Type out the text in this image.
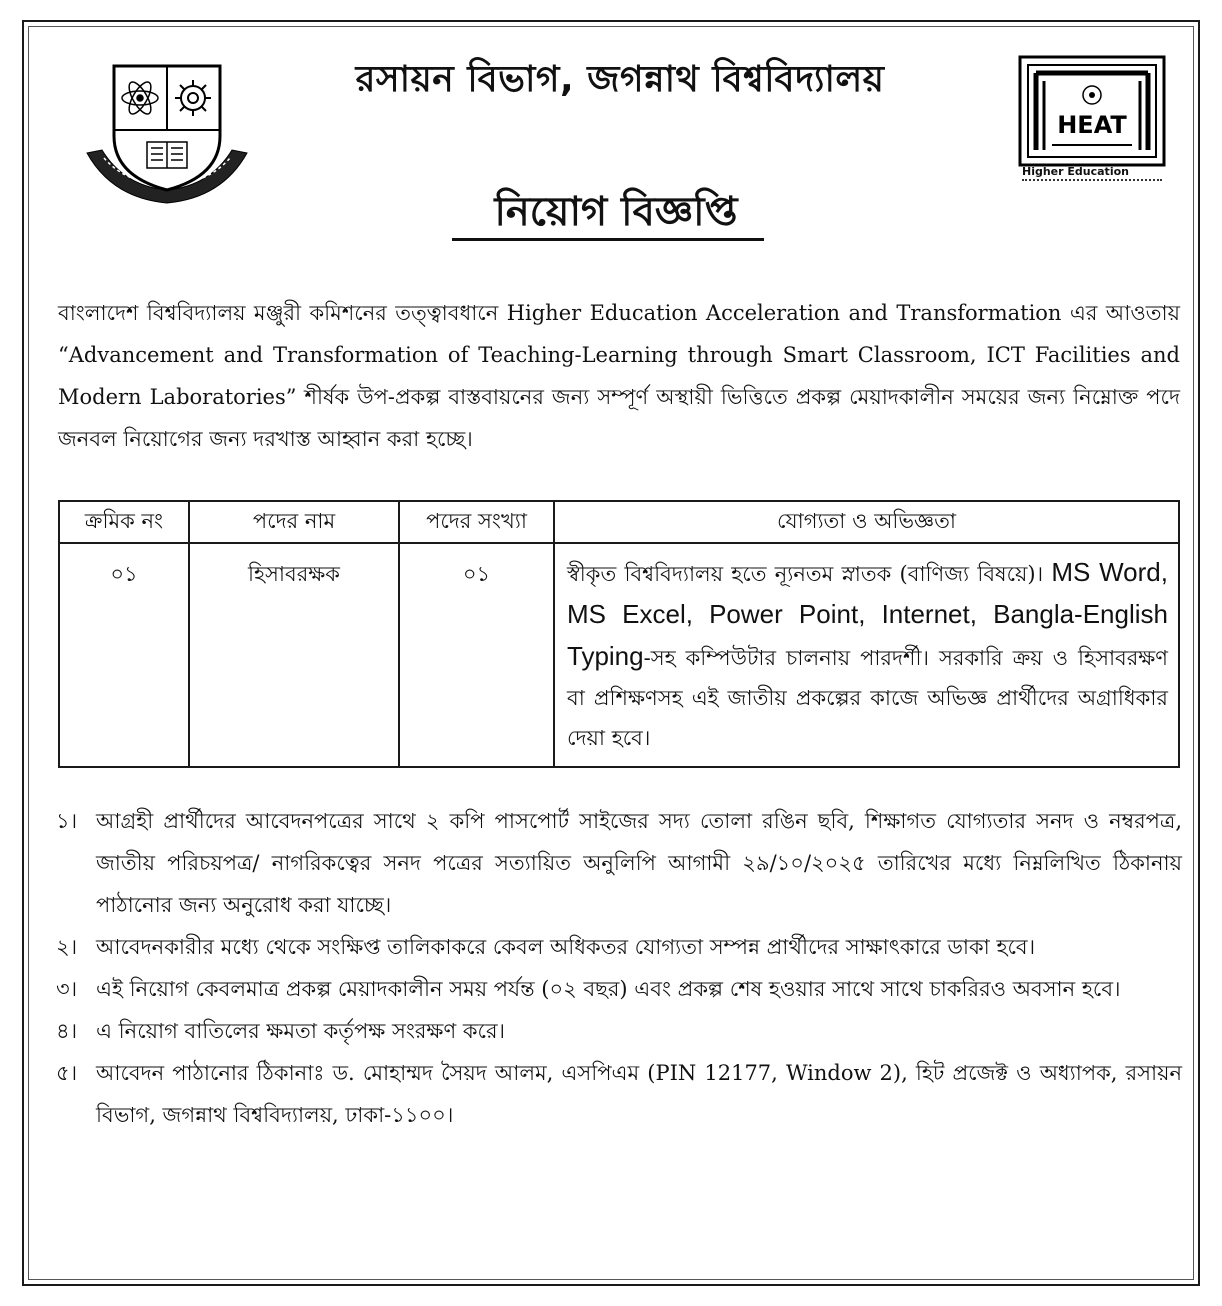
HEAT
Higher Education
রসায়ন বিভাগ, জগন্নাথ বিশ্ববিদ্যালয়
নিয়োগ বিজ্ঞপ্তি
বাংলাদেশ বিশ্ববিদ্যালয় মঞ্জুরী কমিশনের তত্ত্বাবধানে Higher Education Acceleration and Transformation এর আওতায় “Advancement and Transformation of Teaching-Learning through Smart Classroom, ICT Facilities and Modern Laboratories” শীর্ষক উপ-প্রকল্প বাস্তবায়নের জন্য সম্পূর্ণ অস্থায়ী ভিত্তিতে প্রকল্প মেয়াদকালীন সময়ের জন্য নিম্নোক্ত পদে জনবল নিয়োগের জন্য দরখাস্ত আহ্বান করা হচ্ছে।
ক্রমিক নং	পদের নাম	পদের সংখ্যা	যোগ্যতা ও অভিজ্ঞতা
০১	হিসাবরক্ষক	০১	স্বীকৃত বিশ্ববিদ্যালয় হতে ন্যূনতম স্নাতক (বাণিজ্য বিষয়ে)। MS Word, MS Excel, Power Point, Internet, Bangla-English Typing-সহ কম্পিউটার চালনায় পারদর্শী। সরকারি ক্রয় ও হিসাবরক্ষণ বা প্রশিক্ষণসহ এই জাতীয় প্রকল্পের কাজে অভিজ্ঞ প্রার্থীদের অগ্রাধিকার দেয়া হবে।
১। আগ্রহী প্রার্থীদের আবেদনপত্রের সাথে ২ কপি পাসপোর্ট সাইজের সদ্য তোলা রঙিন ছবি, শিক্ষাগত যোগ্যতার সনদ ও নম্বরপত্র, জাতীয় পরিচয়পত্র/ নাগরিকত্বের সনদ পত্রের সত্যায়িত অনুলিপি আগামী ২৯/১০/২০২৫ তারিখের মধ্যে নিম্নলিখিত ঠিকানায় পাঠানোর জন্য অনুরোধ করা যাচ্ছে।
২। আবেদনকারীর মধ্যে থেকে সংক্ষিপ্ত তালিকাকরে কেবল অধিকতর যোগ্যতা সম্পন্ন প্রার্থীদের সাক্ষাৎকারে ডাকা হবে।
৩। এই নিয়োগ কেবলমাত্র প্রকল্প মেয়াদকালীন সময় পর্যন্ত (০২ বছর) এবং প্রকল্প শেষ হওয়ার সাথে সাথে চাকরিরও অবসান হবে।
৪। এ নিয়োগ বাতিলের ক্ষমতা কর্তৃপক্ষ সংরক্ষণ করে।
৫। আবেদন পাঠানোর ঠিকানাঃ ড. মোহাম্মদ সৈয়দ আলম, এসপিএম (PIN 12177, Window 2), হিট প্রজেক্ট ও অধ্যাপক, রসায়ন বিভাগ, জগন্নাথ বিশ্ববিদ্যালয়, ঢাকা-১১০০।
